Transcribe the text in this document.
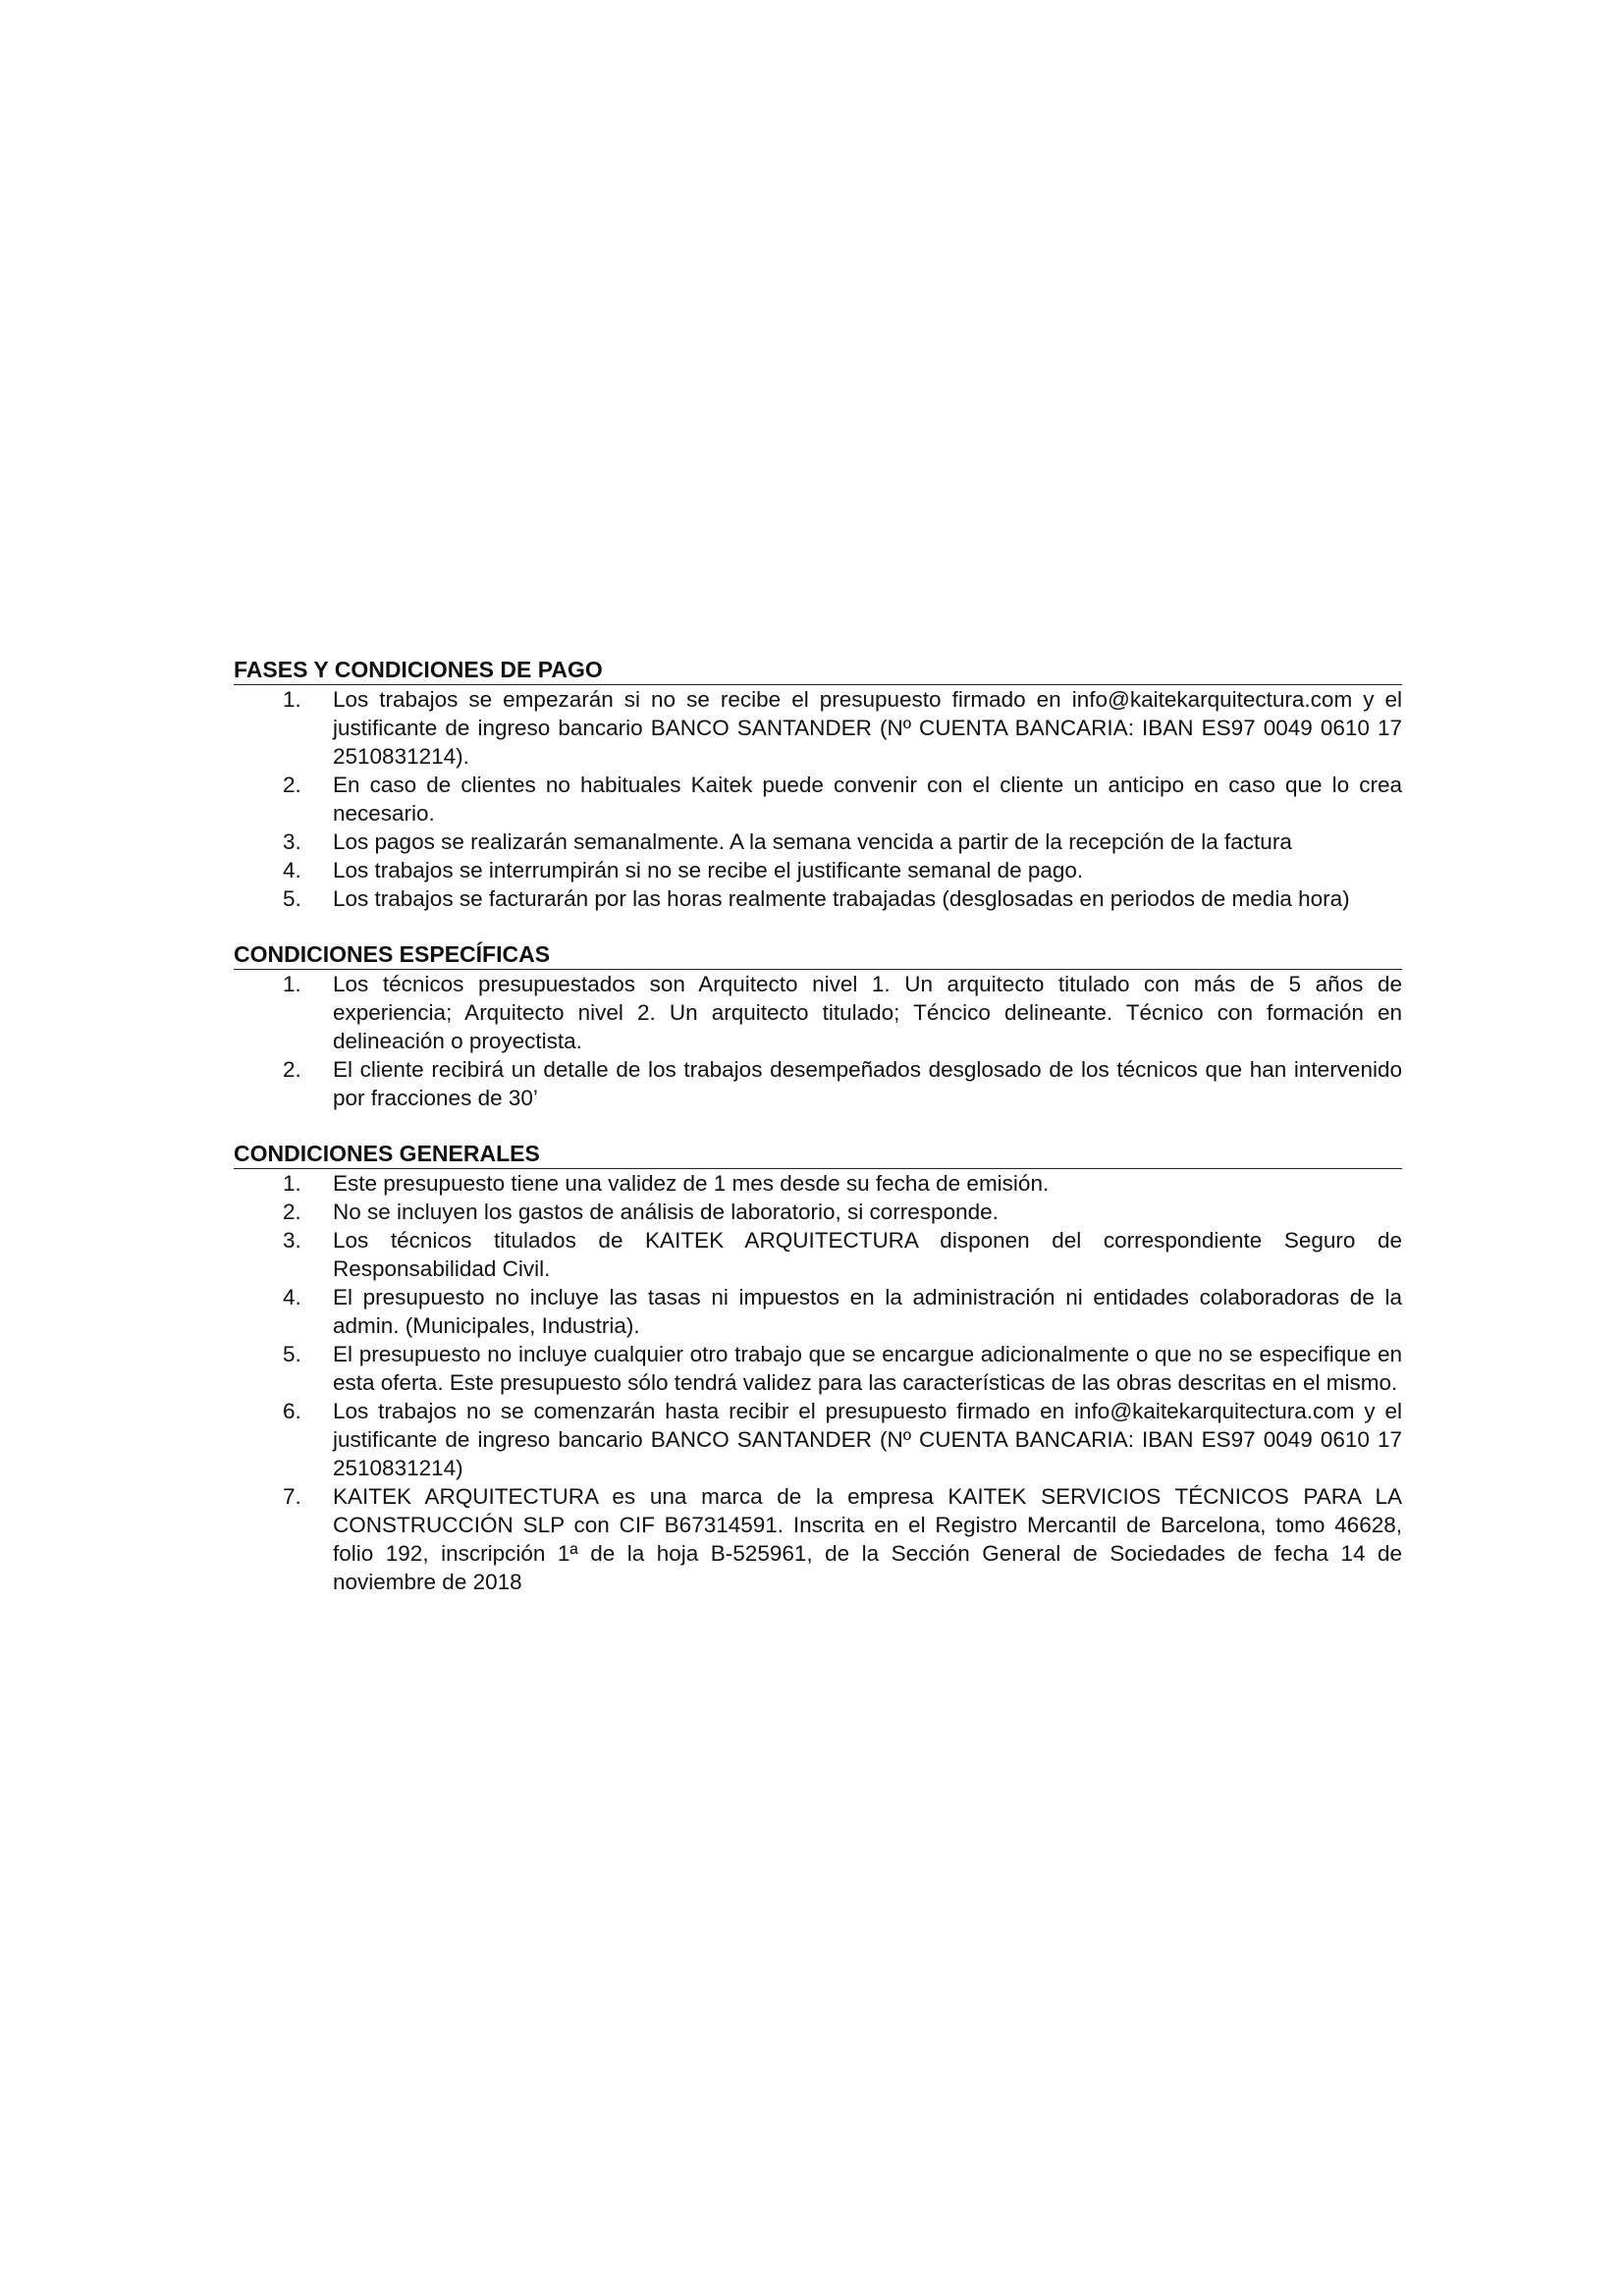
FASES Y CONDICIONES DE PAGO
1.	Los trabajos se empezarán si no se recibe el presupuesto firmado en info@kaitekarquitectura.com y el justificante de ingreso bancario BANCO SANTANDER (Nº CUENTA BANCARIA: IBAN ES97 0049 0610 17 2510831214).
2.	En caso de clientes no habituales Kaitek puede convenir con el cliente un anticipo en caso que lo crea necesario.
3.	Los pagos se realizarán semanalmente. A la semana vencida a partir de la recepción de la factura
4.	Los trabajos se interrumpirán si no se recibe el justificante semanal de pago.
5.	Los trabajos se facturarán por las horas realmente trabajadas (desglosadas en periodos de media hora)
CONDICIONES ESPECÍFICAS
1.	Los técnicos presupuestados son Arquitecto nivel 1. Un arquitecto titulado con más de 5 años de experiencia; Arquitecto nivel 2. Un arquitecto titulado; Téncico delineante. Técnico con formación en delineación o proyectista.
2.	El cliente recibirá un detalle de los trabajos desempeñados desglosado de los técnicos que han intervenido por fracciones de 30’
CONDICIONES GENERALES
1.	Este presupuesto tiene una validez de 1 mes desde su fecha de emisión.
2.	No se incluyen los gastos de análisis de laboratorio, si corresponde.
3.	Los técnicos titulados de KAITEK ARQUITECTURA disponen del correspondiente Seguro de Responsabilidad Civil.
4.	El presupuesto no incluye las tasas ni impuestos en la administración ni entidades colaboradoras de la admin. (Municipales, Industria).
5.	El presupuesto no incluye cualquier otro trabajo que se encargue adicionalmente o que no se especifique en esta oferta. Este presupuesto sólo tendrá validez para las características de las obras descritas en el mismo.
6.	Los trabajos no se comenzarán hasta recibir el presupuesto firmado en info@kaitekarquitectura.com y el justificante de ingreso bancario BANCO SANTANDER (Nº CUENTA BANCARIA: IBAN ES97 0049 0610 17 2510831214)
7.	KAITEK ARQUITECTURA es una marca de la empresa KAITEK SERVICIOS TÉCNICOS PARA LA CONSTRUCCIÓN SLP con CIF B67314591. Inscrita en el Registro Mercantil de Barcelona, tomo 46628, folio 192, inscripción 1ª de la hoja B-525961, de la Sección General de Sociedades de fecha 14 de noviembre de 2018
